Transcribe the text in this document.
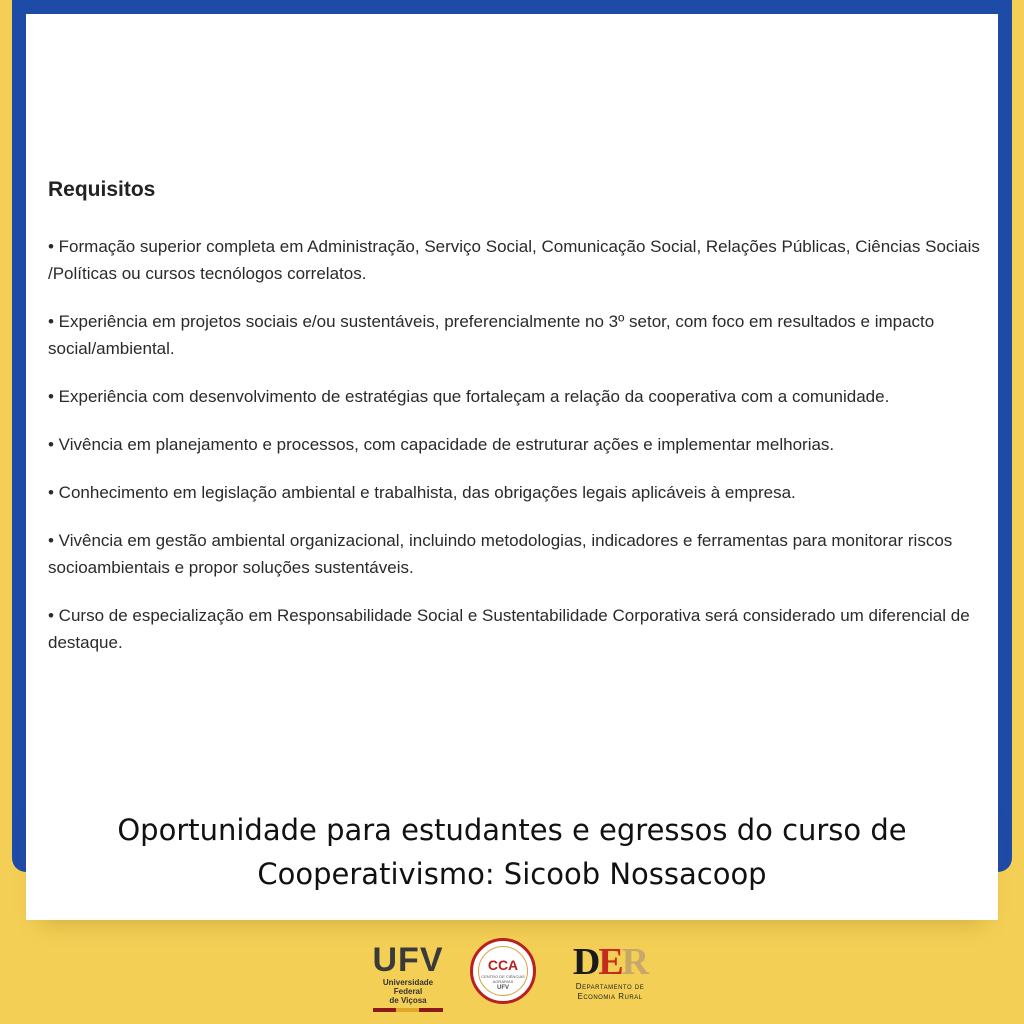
Requisitos
• Formação superior completa em Administração, Serviço Social, Comunicação Social, Relações Públicas, Ciências Sociais /Políticas ou cursos tecnólogos correlatos.
• Experiência em projetos sociais e/ou sustentáveis, preferencialmente no 3º setor, com foco em resultados e impacto social/ambiental.
• Experiência com desenvolvimento de estratégias que fortaleçam a relação da cooperativa com a comunidade.
• Vivência em planejamento e processos, com capacidade de estruturar ações e implementar melhorias.
• Conhecimento em legislação ambiental e trabalhista, das obrigações legais aplicáveis à empresa.
• Vivência em gestão ambiental organizacional, incluindo metodologias, indicadores e ferramentas para monitorar riscos socioambientais e propor soluções sustentáveis.
• Curso de especialização em Responsabilidade Social e Sustentabilidade Corporativa será considerado um diferencial de destaque.

Oportunidade para estudantes e egressos do curso de
Cooperativismo: Sicoob Nossacoop

UFV
Universidade Federal
de Viçosa
CCA
CENTRO DE CIÊNCIAS AGRÁRIAS
UFV
DER
Departamento de
Economia Rural
